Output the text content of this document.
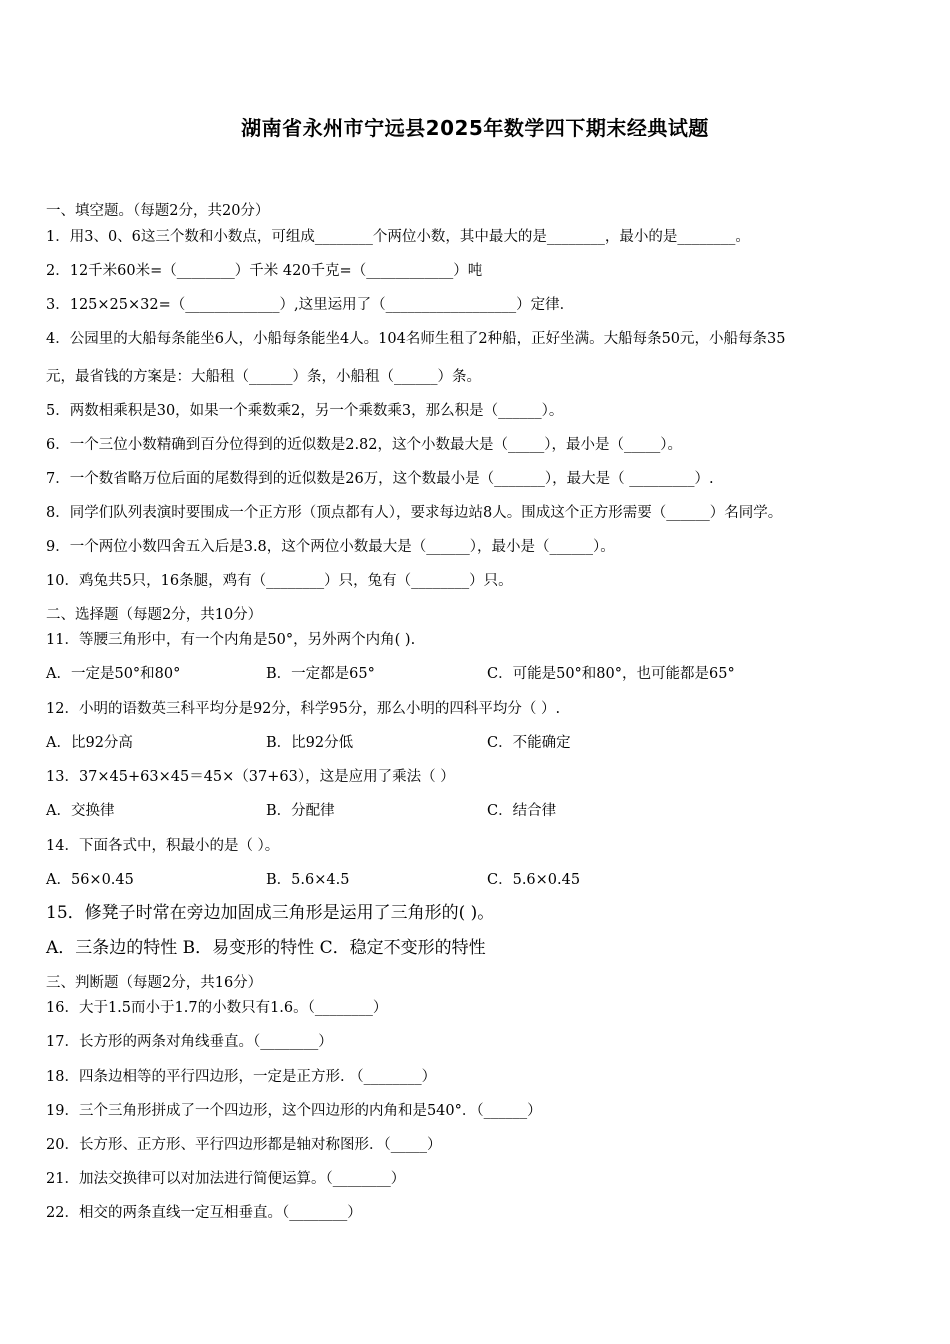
湖南省永州市宁远县2025年数学四下期末经典试题
一、填空题。（每题2分，共20分）
1．用3、0、6这三个数和小数点，可组成________个两位小数，其中最大的是________，最小的是________。
2．12千米60米=（________）千米 420千克=（____________）吨
3．125×25×32=（_____________）,这里运用了（__________________）定律．
4．公园里的大船每条能坐6人，小船每条能坐4人。104名师生租了2种船，正好坐满。大船每条50元，小船每条35
元，最省钱的方案是：大船租（______）条，小船租（______）条。
5．两数相乘积是30，如果一个乘数乘2，另一个乘数乘3，那么积是（______）。
6．一个三位小数精确到百分位得到的近似数是2.82，这个小数最大是（_____），最小是（_____）。
7．一个数省略万位后面的尾数得到的近似数是26万，这个数最小是（_______），最大是（ _________）.
8．同学们队列表演时要围成一个正方形（顶点都有人），要求每边站8人。围成这个正方形需要（______）名同学。
9．一个两位小数四舍五入后是3.8，这个两位小数最大是（______），最小是（______）。
10．鸡兔共5只，16条腿，鸡有（________）只，兔有（________）只。
二、选择题（每题2分，共10分）
11．等腰三角形中，有一个内角是50°，另外两个内角( ).
A．一定是50°和80°	B．一定都是65°	C．可能是50°和80°，也可能都是65°
12．小明的语数英三科平均分是92分，科学95分，那么小明的四科平均分（ ）.
A．比92分高	B．比92分低	C．不能确定
13．37×45+63×45＝45×（37+63），这是应用了乘法（ ）
A．交换律	B．分配律	C．结合律
14．下面各式中，积最小的是（ ）。
A．56×0.45	B．5.6×4.5	C．5.6×0.45
15．修凳子时常在旁边加固成三角形是运用了三角形的( )。
A．三条边的特性 B．易变形的特性 C．稳定不变形的特性
三、判断题（每题2分，共16分）
16．大于1.5而小于1.7的小数只有1.6。（________）
17．长方形的两条对角线垂直。（________）
18．四条边相等的平行四边形，一定是正方形. （________）
19．三个三角形拼成了一个四边形，这个四边形的内角和是540°．（______）
20．长方形、正方形、平行四边形都是轴对称图形．（_____）
21．加法交换律可以对加法进行简便运算。（________）
22．相交的两条直线一定互相垂直。（________）
